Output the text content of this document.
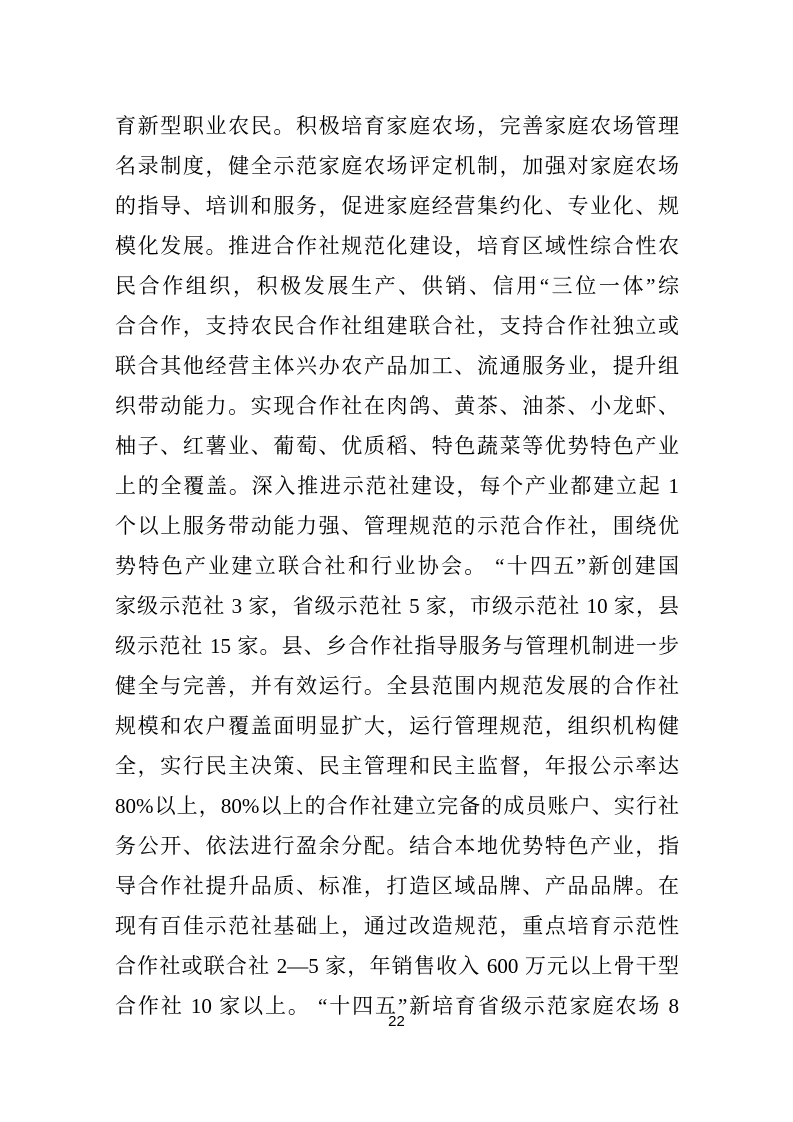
育新型职业农民。积极培育家庭农场，完善家庭农场管理
名录制度，健全示范家庭农场评定机制，加强对家庭农场
的指导、培训和服务，促进家庭经营集约化、专业化、规
模化发展。推进合作社规范化建设，培育区域性综合性农
民合作组织，积极发展生产、供销、信用“三位一体”综
合合作，支持农民合作社组建联合社，支持合作社独立或
联合其他经营主体兴办农产品加工、流通服务业，提升组
织带动能力。实现合作社在肉鸽、黄茶、油茶、小龙虾、
柚子、红薯业、葡萄、优质稻、特色蔬菜等优势特色产业
上的全覆盖。深入推进示范社建设，每个产业都建立起 1
个以上服务带动能力强、管理规范的示范合作社，围绕优
势特色产业建立联合社和行业协会。 “十四五”新创建国
家级示范社 3 家，省级示范社 5 家，市级示范社 10 家，县
级示范社 15 家。县、乡合作社指导服务与管理机制进一步
健全与完善，并有效运行。全县范围内规范发展的合作社
规模和农户覆盖面明显扩大，运行管理规范，组织机构健
全，实行民主决策、民主管理和民主监督，年报公示率达
80%以上，80%以上的合作社建立完备的成员账户、实行社
务公开、依法进行盈余分配。结合本地优势特色产业，指
导合作社提升品质、标准，打造区域品牌、产品品牌。在
现有百佳示范社基础上，通过改造规范，重点培育示范性
合作社或联合社 2—5 家，年销售收入 600 万元以上骨干型
合作社 10 家以上。 “十四五”新培育省级示范家庭农场 8
22
